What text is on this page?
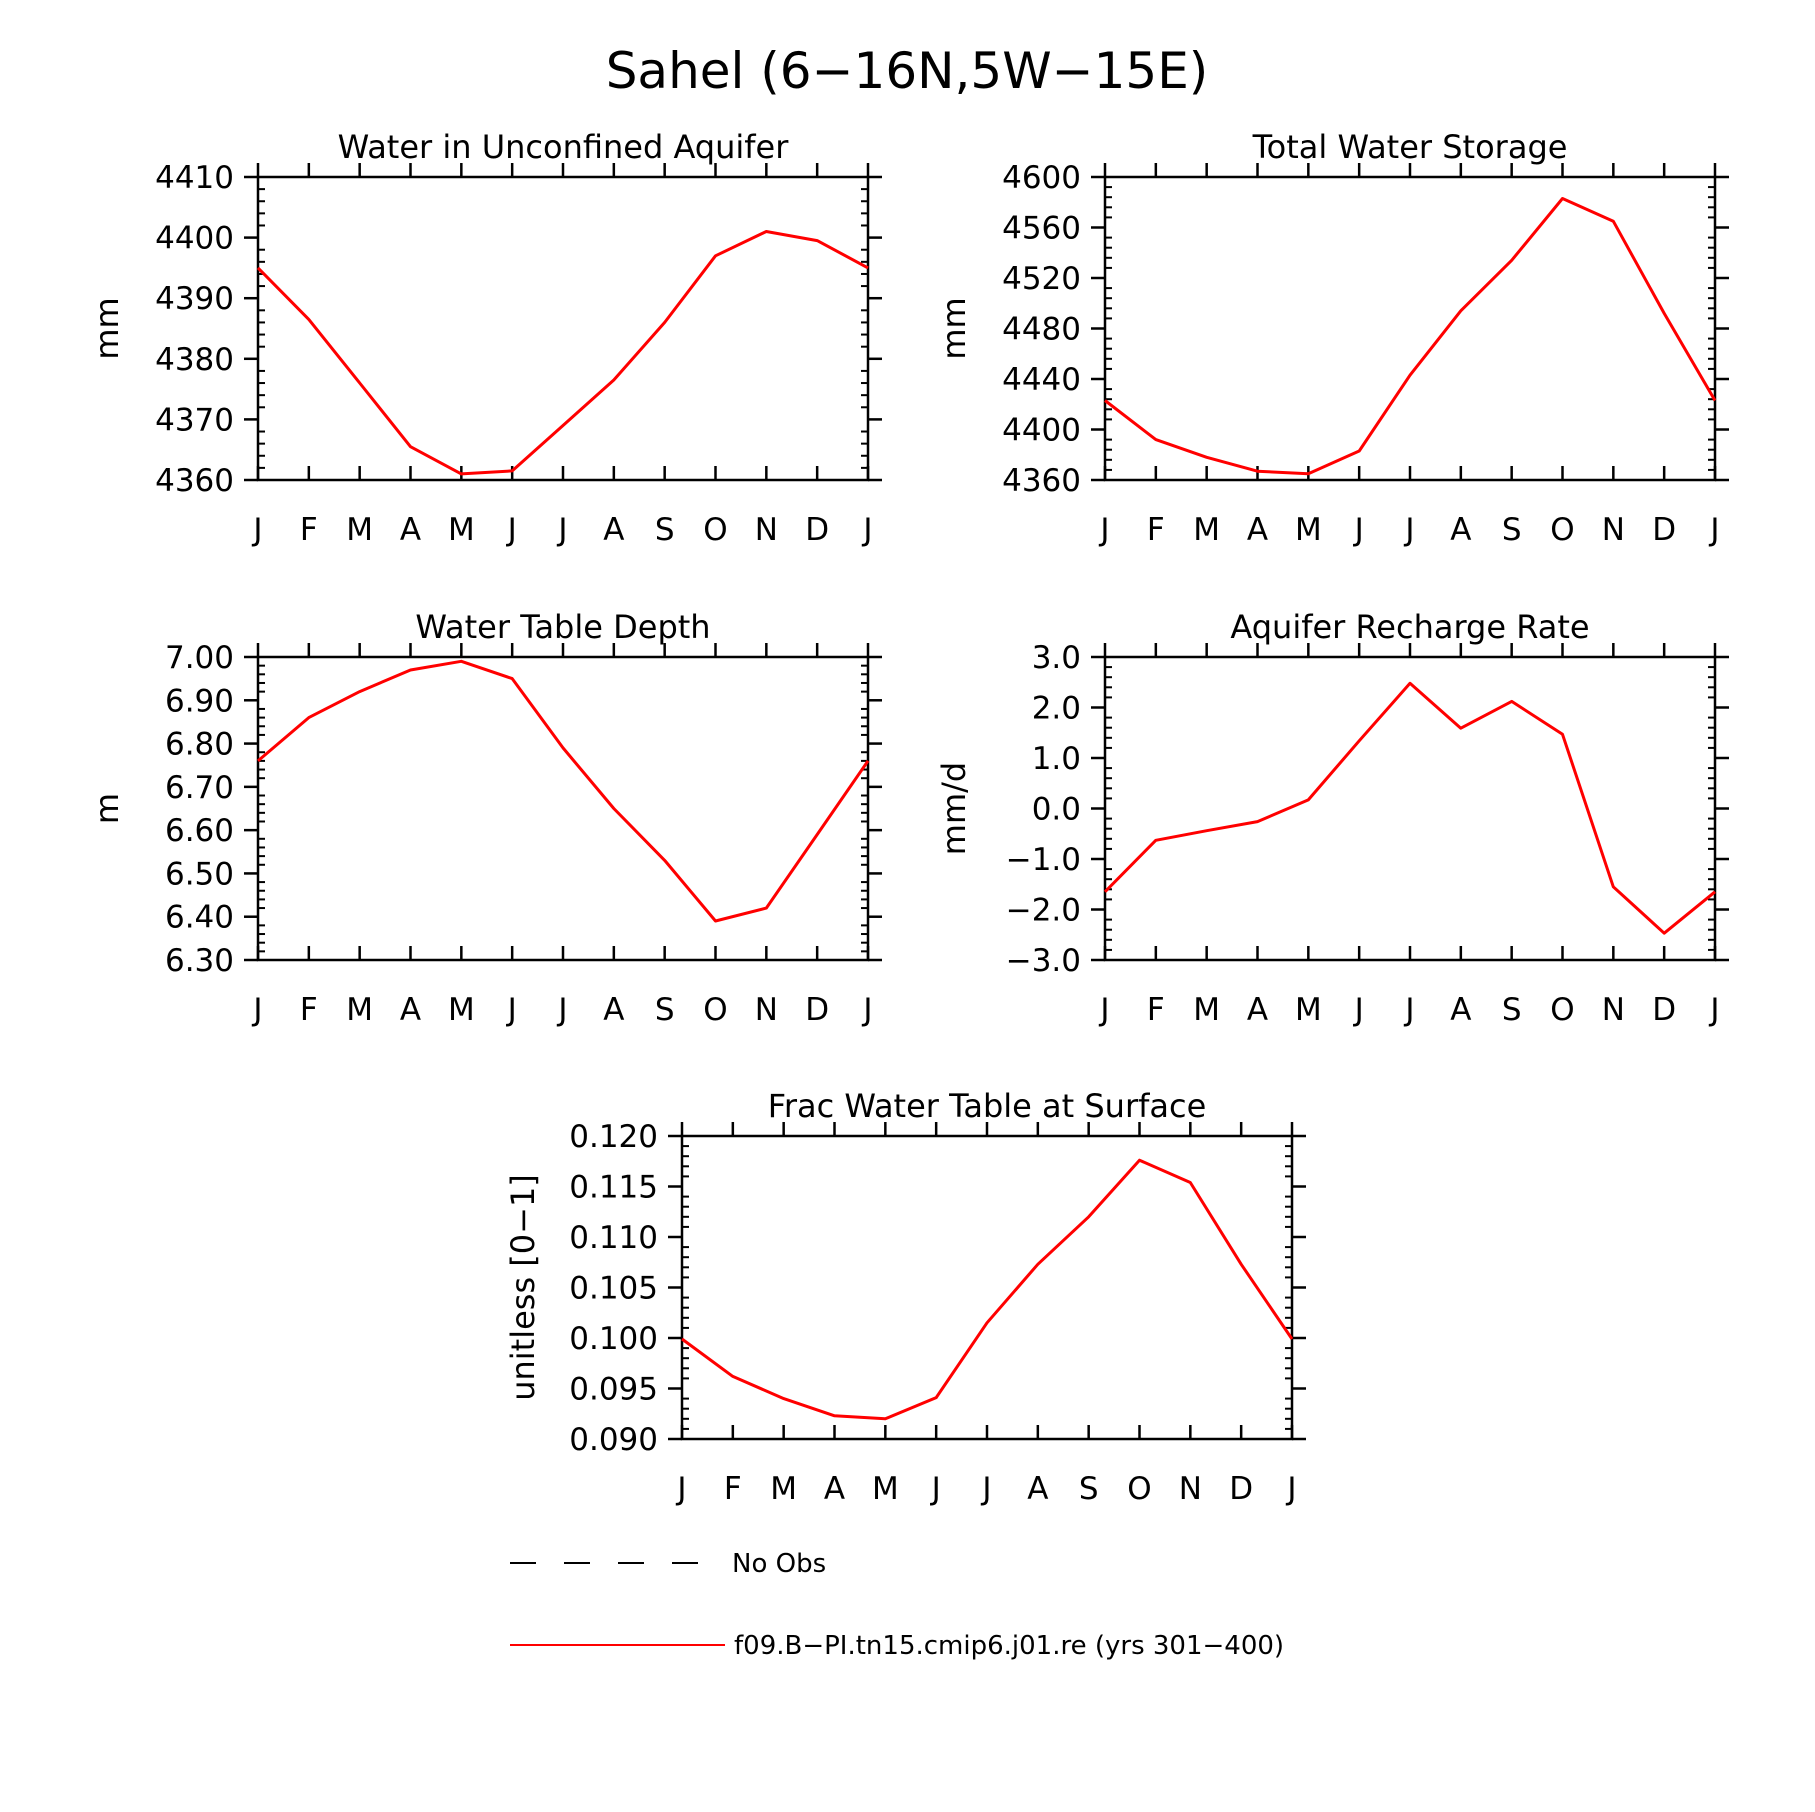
Sahel (6−16N,5W−15E)
Water in Unconfined Aquifer
J F M A M J J A S O N D J
4360
4370
4380
4390
4400
4410
mm
Total Water Storage
J F M A M J J A S O N D J
4360
4400
4440
4480
4520
4560
4600
mm
Water Table Depth
J F M A M J J A S O N D J
6.30
6.40
6.50
6.60
6.70
6.80
6.90
7.00
m
Aquifer Recharge Rate
J F M A M J J A S O N D J
−3.0
−2.0
−1.0
0.0
1.0
2.0
3.0
mm/d
Frac Water Table at Surface
J F M A M J J A S O N D J
0.090
0.095
0.100
0.105
0.110
0.115
0.120
unitless [0−1]
No Obs
f09.B−PI.tn15.cmip6.j01.re (yrs 301−400)
